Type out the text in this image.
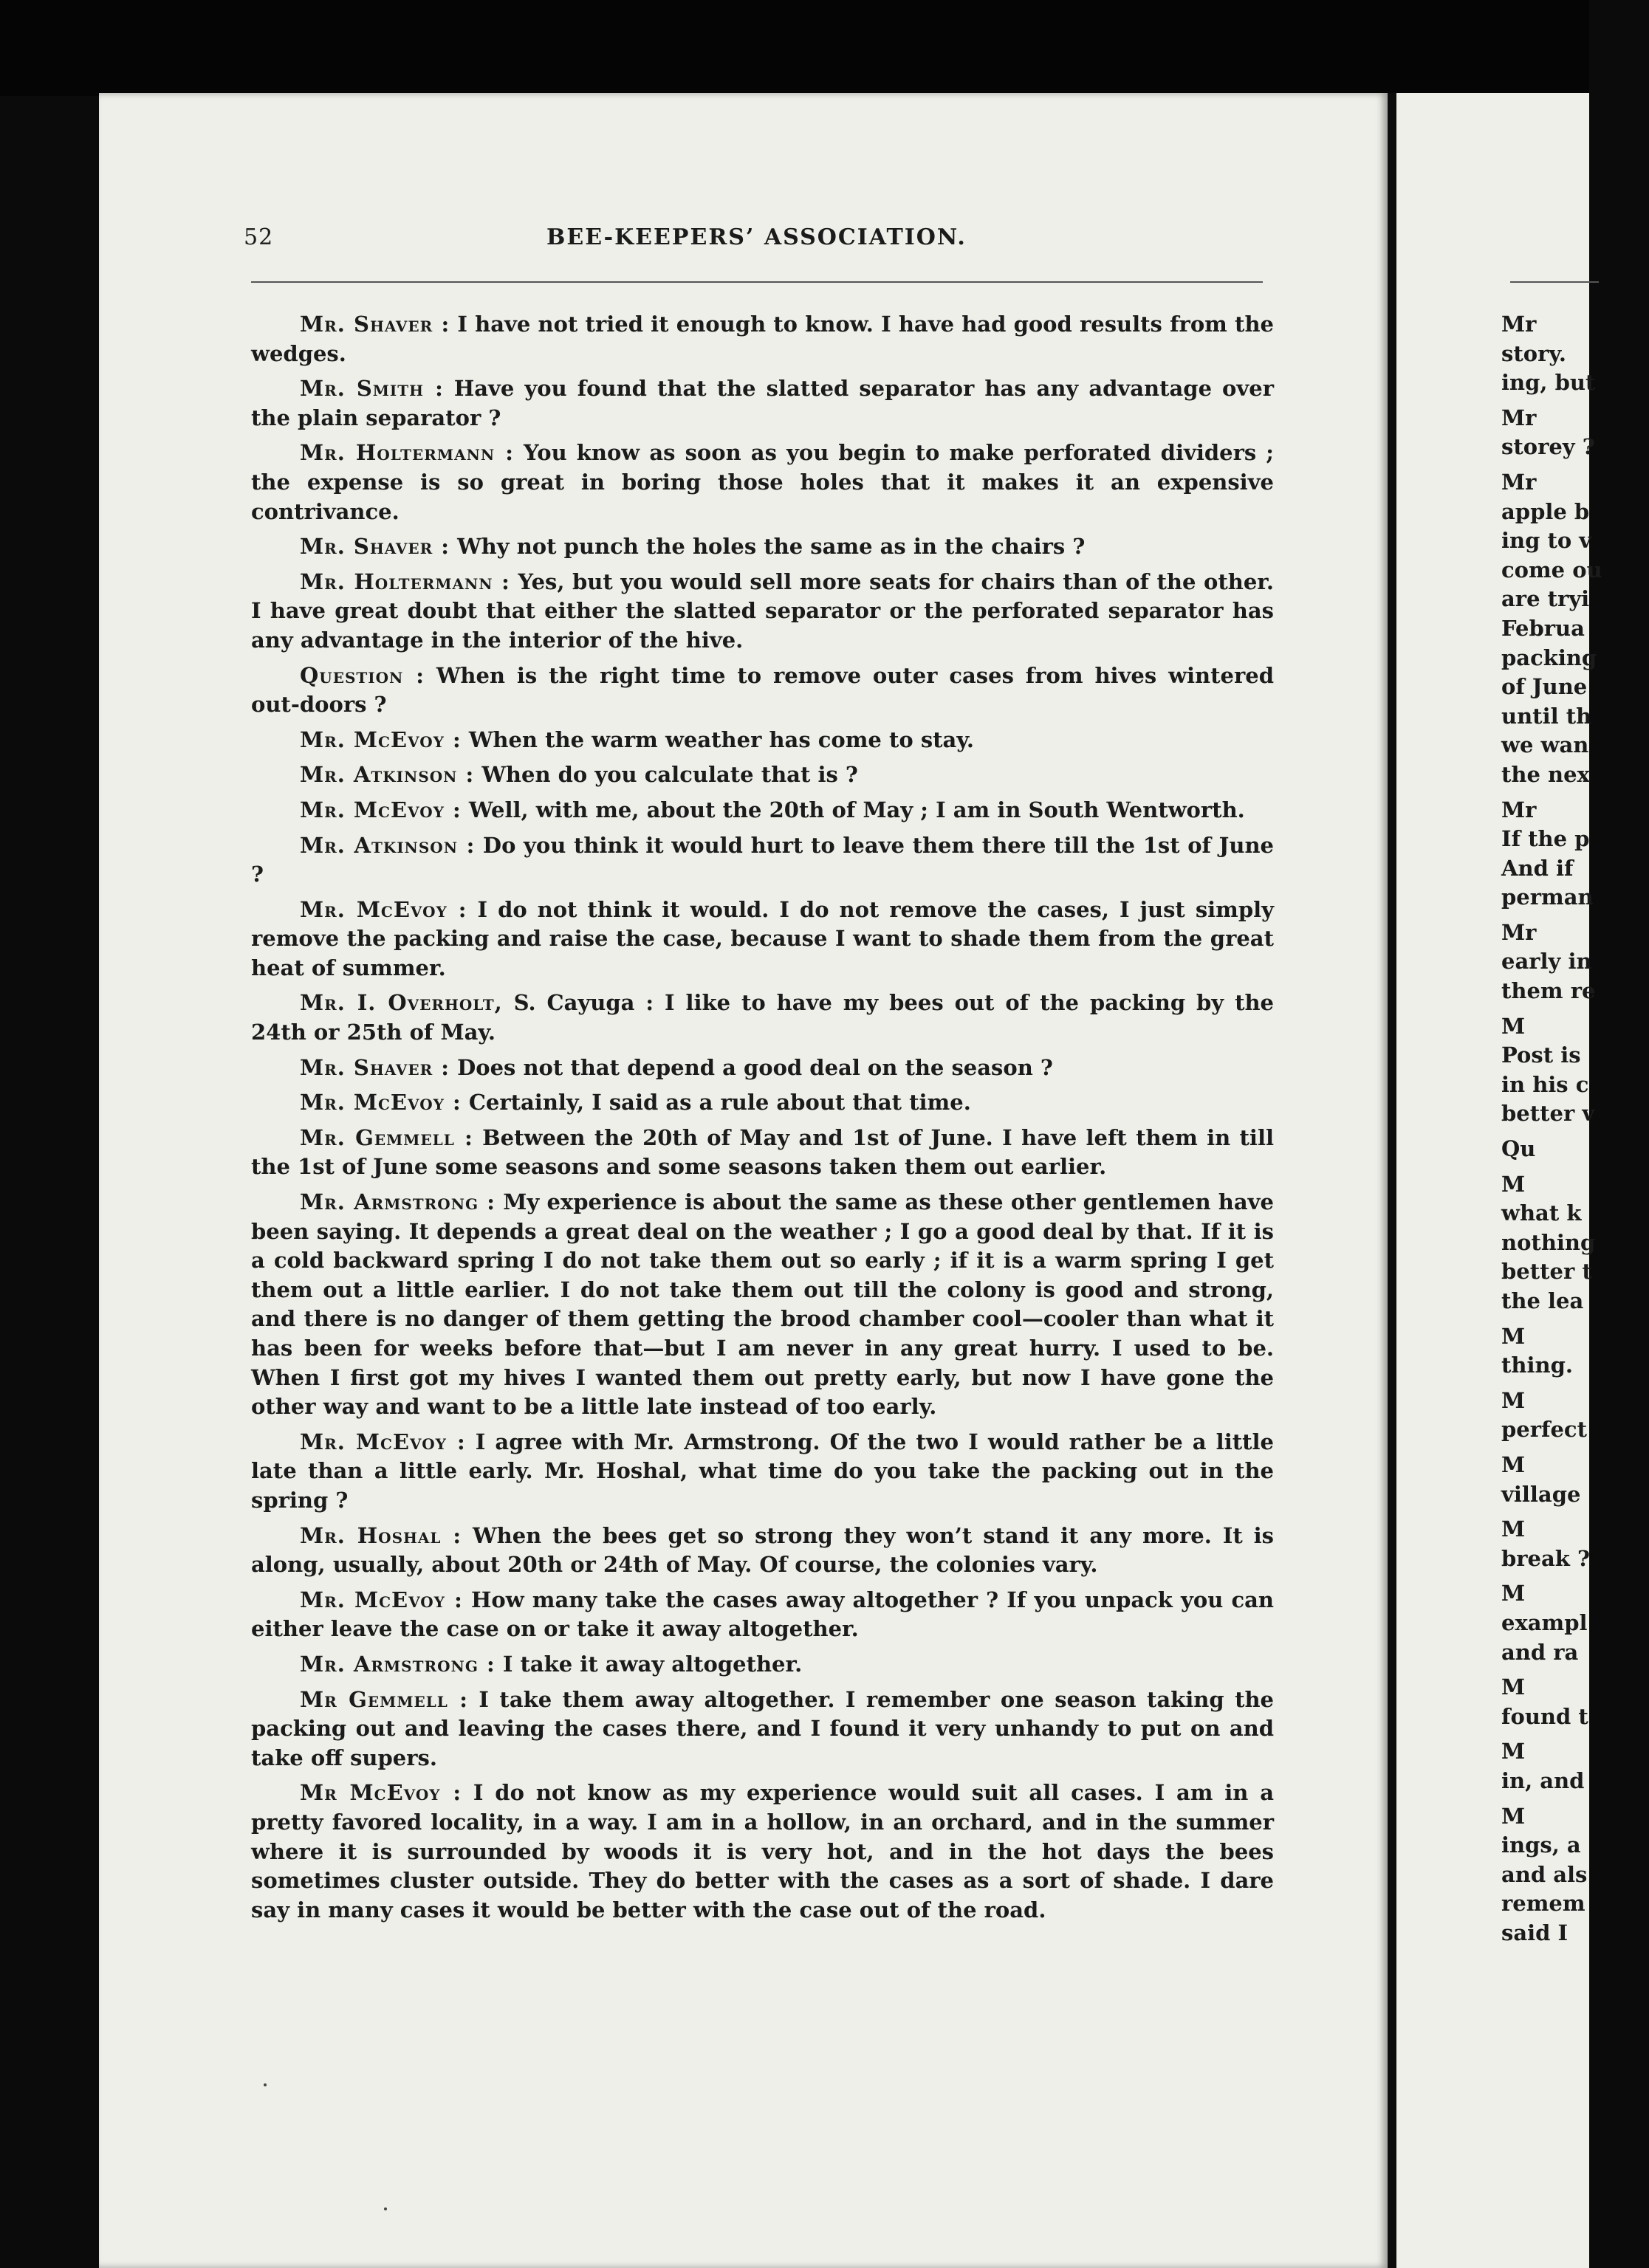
52	BEE-KEEPERS’ ASSOCIATION.

Mr. Shaver : I have not tried it enough to know. I have had good results from the wedges.

Mr. Smith : Have you found that the slatted separator has any advantage over the plain separator ?

Mr. Holtermann : You know as soon as you begin to make perforated dividers ; the expense is so great in boring those holes that it makes it an expensive contrivance.

Mr. Shaver : Why not punch the holes the same as in the chairs ?

Mr. Holtermann : Yes, but you would sell more seats for chairs than of the other. I have great doubt that either the slatted separator or the perforated separator has any advantage in the interior of the hive.

Question : When is the right time to remove outer cases from hives wintered out-doors ?

Mr. McEvoy : When the warm weather has come to stay.

Mr. Atkinson : When do you calculate that is ?

Mr. McEvoy : Well, with me, about the 20th of May ; I am in South Wentworth.

Mr. Atkinson : Do you think it would hurt to leave them there till the 1st of June ?

Mr. McEvoy : I do not think it would. I do not remove the cases, I just simply remove the packing and raise the case, because I want to shade them from the great heat of summer.

Mr. I. Overholt, S. Cayuga : I like to have my bees out of the packing by the 24th or 25th of May.

Mr. Shaver : Does not that depend a good deal on the season ?

Mr. McEvoy : Certainly, I said as a rule about that time.

Mr. Gemmell : Between the 20th of May and 1st of June. I have left them in till the 1st of June some seasons and some seasons taken them out earlier.

Mr. Armstrong : My experience is about the same as these other gentlemen have been saying. It depends a great deal on the weather ; I go a good deal by that. If it is a cold backward spring I do not take them out so early ; if it is a warm spring I get them out a little earlier. I do not take them out till the colony is good and strong, and there is no danger of them getting the brood chamber cool—cooler than what it has been for weeks before that—but I am never in any great hurry. I used to be. When I first got my hives I wanted them out pretty early, but now I have gone the other way and want to be a little late instead of too early.

Mr. McEvoy : I agree with Mr. Armstrong. Of the two I would rather be a little late than a little early. Mr. Hoshal, what time do you take the packing out in the spring ?

Mr. Hoshal : When the bees get so strong they won’t stand it any more. It is along, usually, about 20th or 24th of May. Of course, the colonies vary.

Mr. McEvoy : How many take the cases away altogether ? If you unpack you can either leave the case on or take it away altogether.

Mr. Armstrong : I take it away altogether.

Mr Gemmell : I take them away altogether. I remember one season taking the packing out and leaving the cases there, and I found it very unhandy to put on and take off supers.

Mr McEvoy : I do not know as my experience would suit all cases. I am in a pretty favored locality, in a way. I am in a hollow, in an orchard, and in the summer where it is surrounded by woods it is very hot, and in the hot days the bees sometimes cluster outside. They do better with the cases as a sort of shade. I dare say in many cases it would be better with the case out of the road.

Mr
story.
ing, but
Mr
storey ?
Mr
apple b
ing to v
come ou
are tryi
Februa
packing
of June
until th
we wan
the nex
Mr
If the p
And if
perman
Mr
early in
them re
M
Post is
in his c
better v
Qu
M
what k
nothing
better t
the lea
M
thing.
M
perfect
M
village
M
break ?
M
exampl
and ra
M
found t
M
in, and
M
ings, a
and als
remem
said I
